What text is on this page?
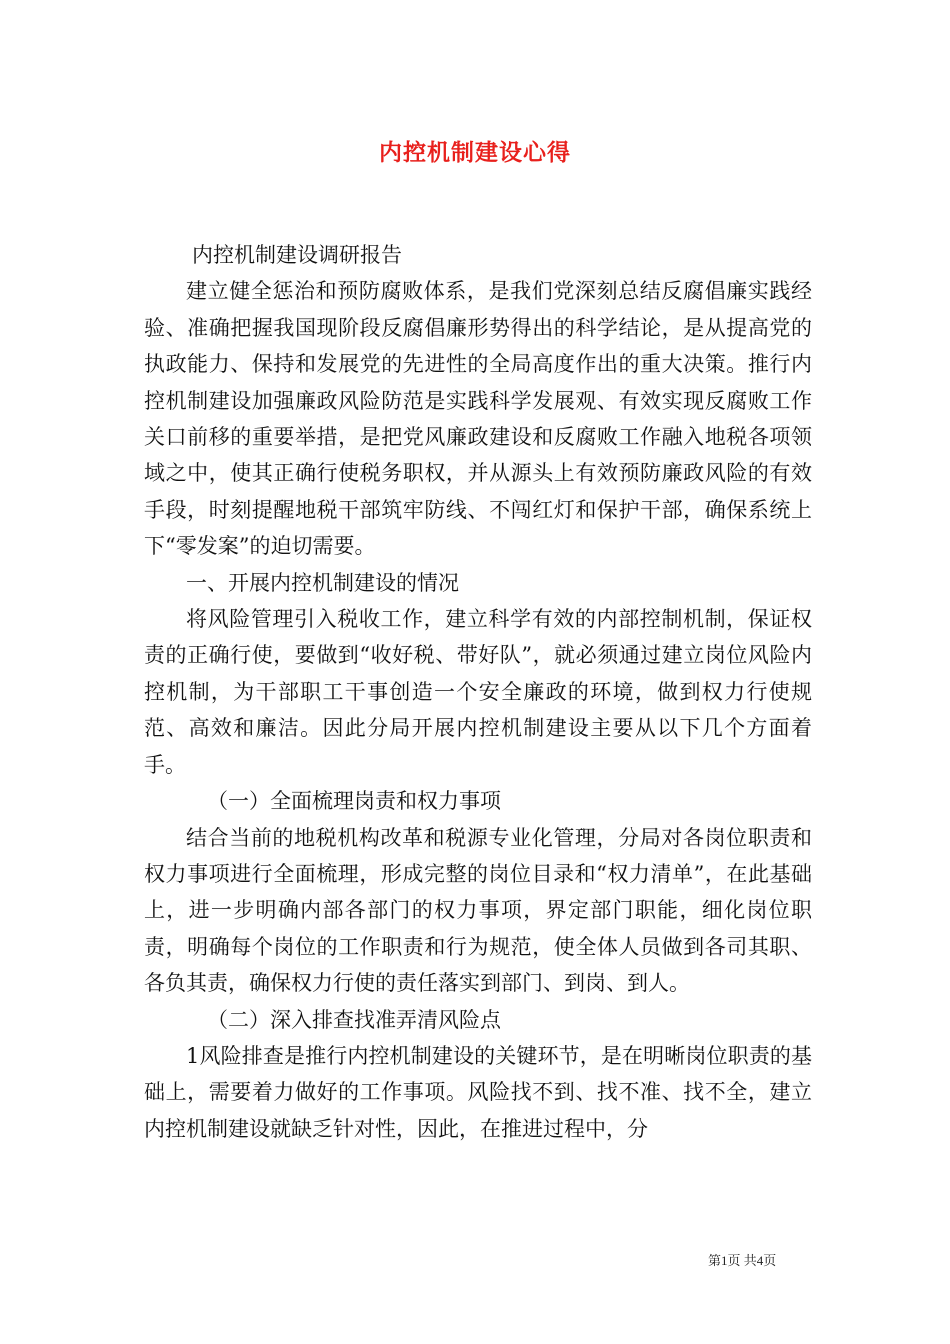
内控机制建设心得

内控机制建设调研报告

建立健全惩治和预防腐败体系，是我们党深刻总结反腐倡廉实践经验、准确把握我国现阶段反腐倡廉形势得出的科学结论，是从提高党的执政能力、保持和发展党的先进性的全局高度作出的重大决策。推行内控机制建设加强廉政风险防范是实践科学发展观、有效实现反腐败工作关口前移的重要举措，是把党风廉政建设和反腐败工作融入地税各项领域之中，使其正确行使税务职权，并从源头上有效预防廉政风险的有效手段，时刻提醒地税干部筑牢防线、不闯红灯和保护干部，确保系统上下“零发案”的迫切需要。

一、开展内控机制建设的情况

将风险管理引入税收工作，建立科学有效的内部控制机制，保证权责的正确行使，要做到“收好税、带好队”，就必须通过建立岗位风险内控机制，为干部职工干事创造一个安全廉政的环境，做到权力行使规范、高效和廉洁。因此分局开展内控机制建设主要从以下几个方面着手。

（一）全面梳理岗责和权力事项

结合当前的地税机构改革和税源专业化管理，分局对各岗位职责和权力事项进行全面梳理，形成完整的岗位目录和“权力清单”，在此基础上，进一步明确内部各部门的权力事项，界定部门职能，细化岗位职责，明确每个岗位的工作职责和行为规范，使全体人员做到各司其职、各负其责，确保权力行使的责任落实到部门、到岗、到人。

（二）深入排查找准弄清风险点

1风险排查是推行内控机制建设的关键环节，是在明晰岗位职责的基础上，需要着力做好的工作事项。风险找不到、找不准、找不全，建立内控机制建设就缺乏针对性，因此，在推进过程中，分

第1页 共4页
